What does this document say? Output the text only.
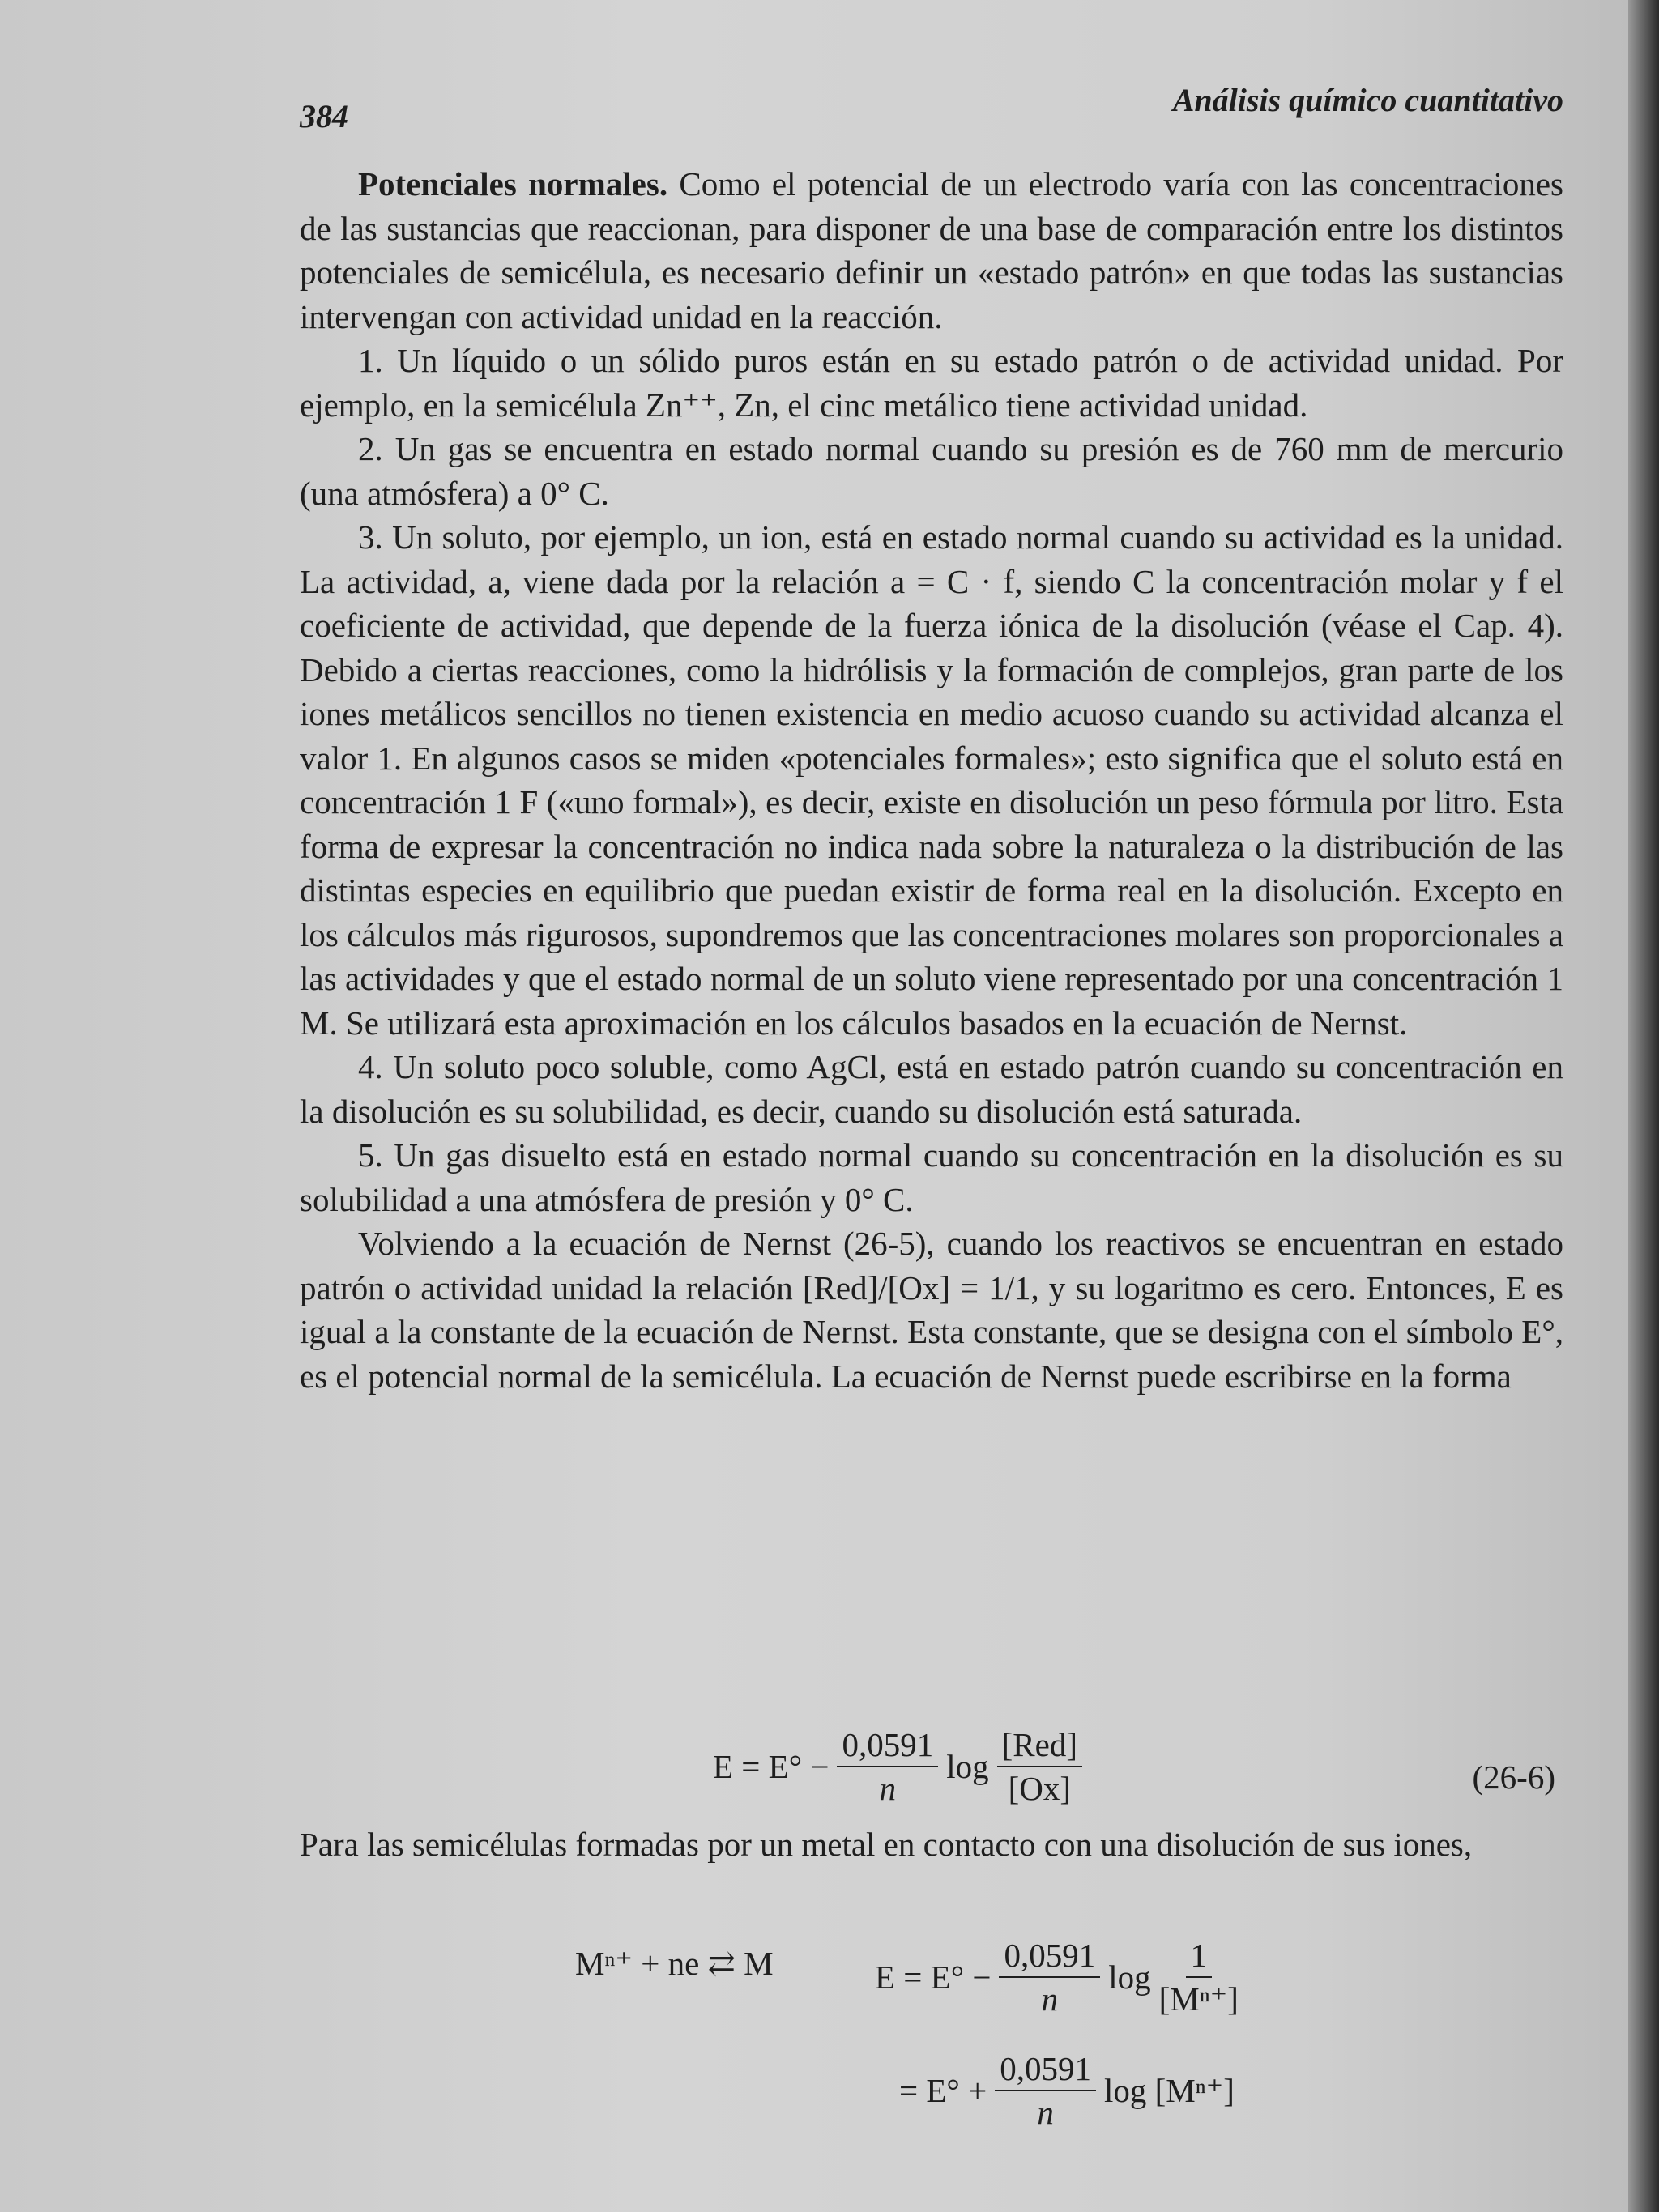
384	Análisis químico cuantitativo

Potenciales normales. Como el potencial de un electrodo varía con las concentraciones de las sustancias que reaccionan, para disponer de una base de comparación entre los distintos potenciales de semicélula, es necesario definir un «estado patrón» en que todas las sustancias intervengan con actividad unidad en la reacción.

1. Un líquido o un sólido puros están en su estado patrón o de actividad unidad. Por ejemplo, en la semicélula Zn⁺⁺, Zn, el cinc metálico tiene actividad unidad.

2. Un gas se encuentra en estado normal cuando su presión es de 760 mm de mercurio (una atmósfera) a 0° C.

3. Un soluto, por ejemplo, un ion, está en estado normal cuando su actividad es la unidad. La actividad, a, viene dada por la relación a = C · f, siendo C la concentración molar y f el coeficiente de actividad, que depende de la fuerza iónica de la disolución (véase el Cap. 4). Debido a ciertas reacciones, como la hidrólisis y la formación de complejos, gran parte de los iones metálicos sencillos no tienen existencia en medio acuoso cuando su actividad alcanza el valor 1. En algunos casos se miden «potenciales formales»; esto significa que el soluto está en concentración 1 F («uno formal»), es decir, existe en disolución un peso fórmula por litro. Esta forma de expresar la concentración no indica nada sobre la naturaleza o la distribución de las distintas especies en equilibrio que puedan existir de forma real en la disolución. Excepto en los cálculos más rigurosos, supondremos que las concentraciones molares son proporcionales a las actividades y que el estado normal de un soluto viene representado por una concentración 1 M. Se utilizará esta aproximación en los cálculos basados en la ecuación de Nernst.

4. Un soluto poco soluble, como AgCl, está en estado patrón cuando su concentración en la disolución es su solubilidad, es decir, cuando su disolución está saturada.

5. Un gas disuelto está en estado normal cuando su concentración en la disolución es su solubilidad a una atmósfera de presión y 0° C.

Volviendo a la ecuación de Nernst (26-5), cuando los reactivos se encuentran en estado patrón o actividad unidad la relación [Red]/[Ox] = 1/1, y su logaritmo es cero. Entonces, E es igual a la constante de la ecuación de Nernst. Esta constante, que se designa con el símbolo E°, es el potencial normal de la semicélula. La ecuación de Nernst puede escribirse en la forma

$E = E^\circ - \frac{0,0591}{n}$ $\log \frac{\text{[Red]}}{[Ox]}$	(26-6)

Para las semicélulas formadas por un metal en contacto con una disolución de sus iones,

Mⁿ⁺ + ne ⇄ M	$E = E^\circ - \frac{0,0591}{n}$ $\log \frac{1}{\text{[Mⁿ⁺]}}$
= $E^\circ + \frac{0,0591}{n}$ log [Mⁿ⁺]
